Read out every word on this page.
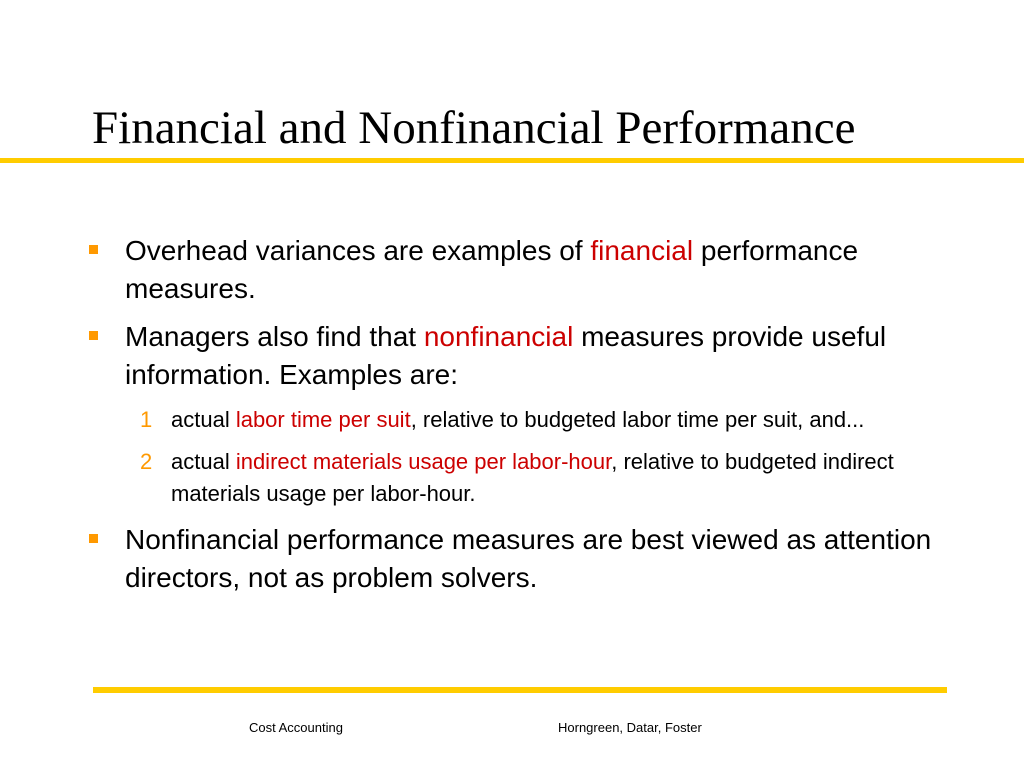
Financial and Nonfinancial Performance
Overhead variances are examples of financial performance measures.
Managers also find that nonfinancial measures provide useful information. Examples are:
1 actual labor time per suit, relative to budgeted labor time per suit, and...
2 actual indirect materials usage per labor-hour, relative to budgeted indirect materials usage per labor-hour.
Nonfinancial performance measures are best viewed as attention directors, not as problem solvers.
Cost Accounting	Horngreen, Datar, Foster
